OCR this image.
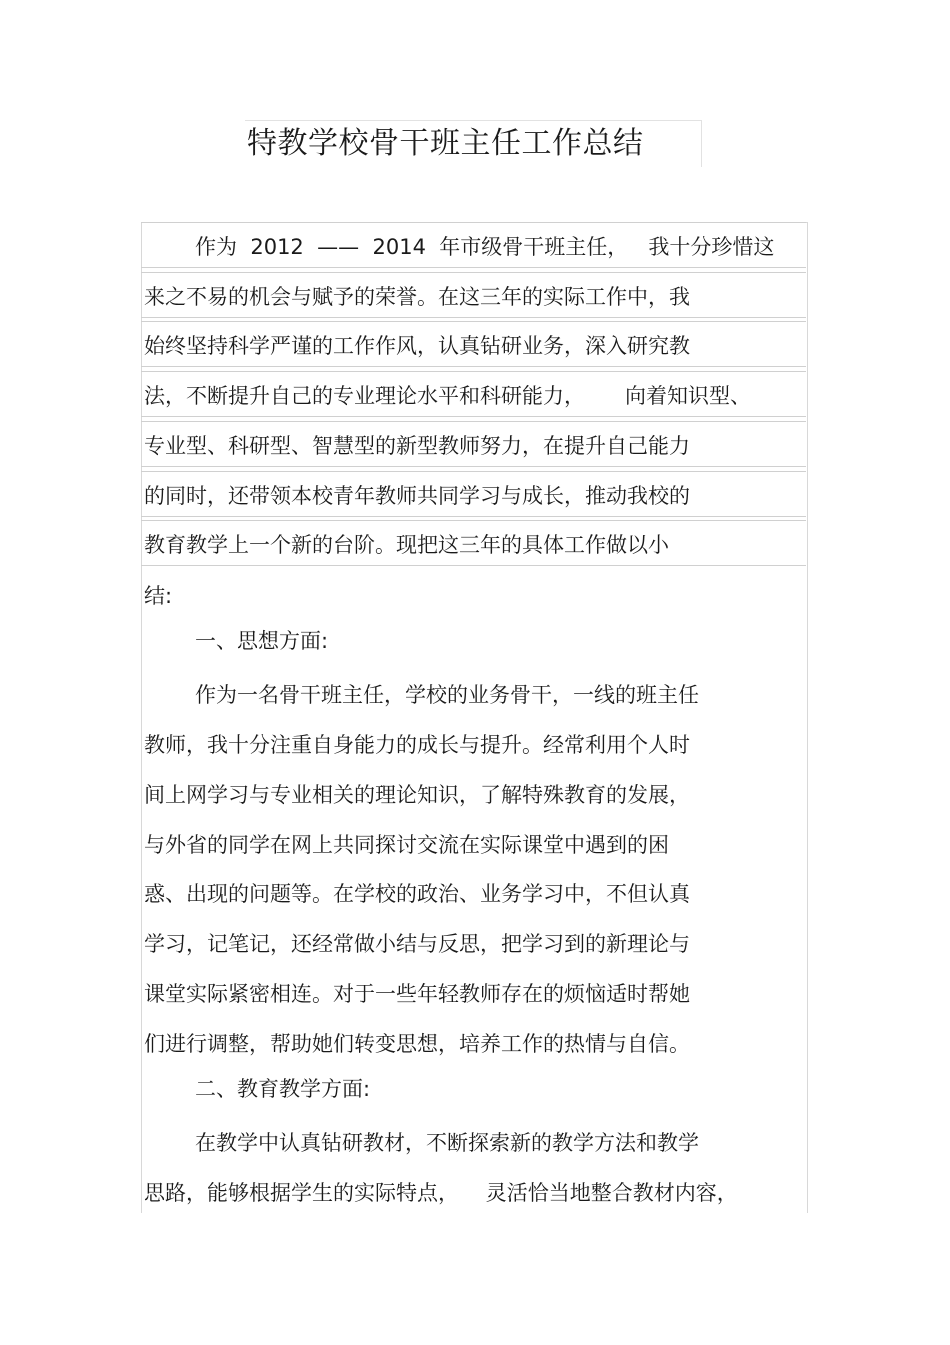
特教学校骨干班主任工作总结

作为  2012  ——  2014  年市级骨干班主任，   我十分珍惜这

来之不易的机会与赋予的荣誉。在这三年的实际工作中，我

始终坚持科学严谨的工作作风，认真钻研业务，深入研究教

法，不断提升自己的专业理论水平和科研能力，      向着知识型、

专业型、科研型、智慧型的新型教师努力，在提升自己能力

的同时，还带领本校青年教师共同学习与成长，推动我校的

教育教学上一个新的台阶。现把这三年的具体工作做以小

结:

一、思想方面:

作为一名骨干班主任，学校的业务骨干，一线的班主任

教师，我十分注重自身能力的成长与提升。经常利用个人时

间上网学习与专业相关的理论知识，了解特殊教育的发展，

与外省的同学在网上共同探讨交流在实际课堂中遇到的困

惑、出现的问题等。在学校的政治、业务学习中，不但认真

学习，记笔记，还经常做小结与反思，把学习到的新理论与

课堂实际紧密相连。对于一些年轻教师存在的烦恼适时帮她

们进行调整，帮助她们转变思想，培养工作的热情与自信。

二、教育教学方面:

在教学中认真钻研教材，不断探索新的教学方法和教学

思路，能够根据学生的实际特点，    灵活恰当地整合教材内容，
